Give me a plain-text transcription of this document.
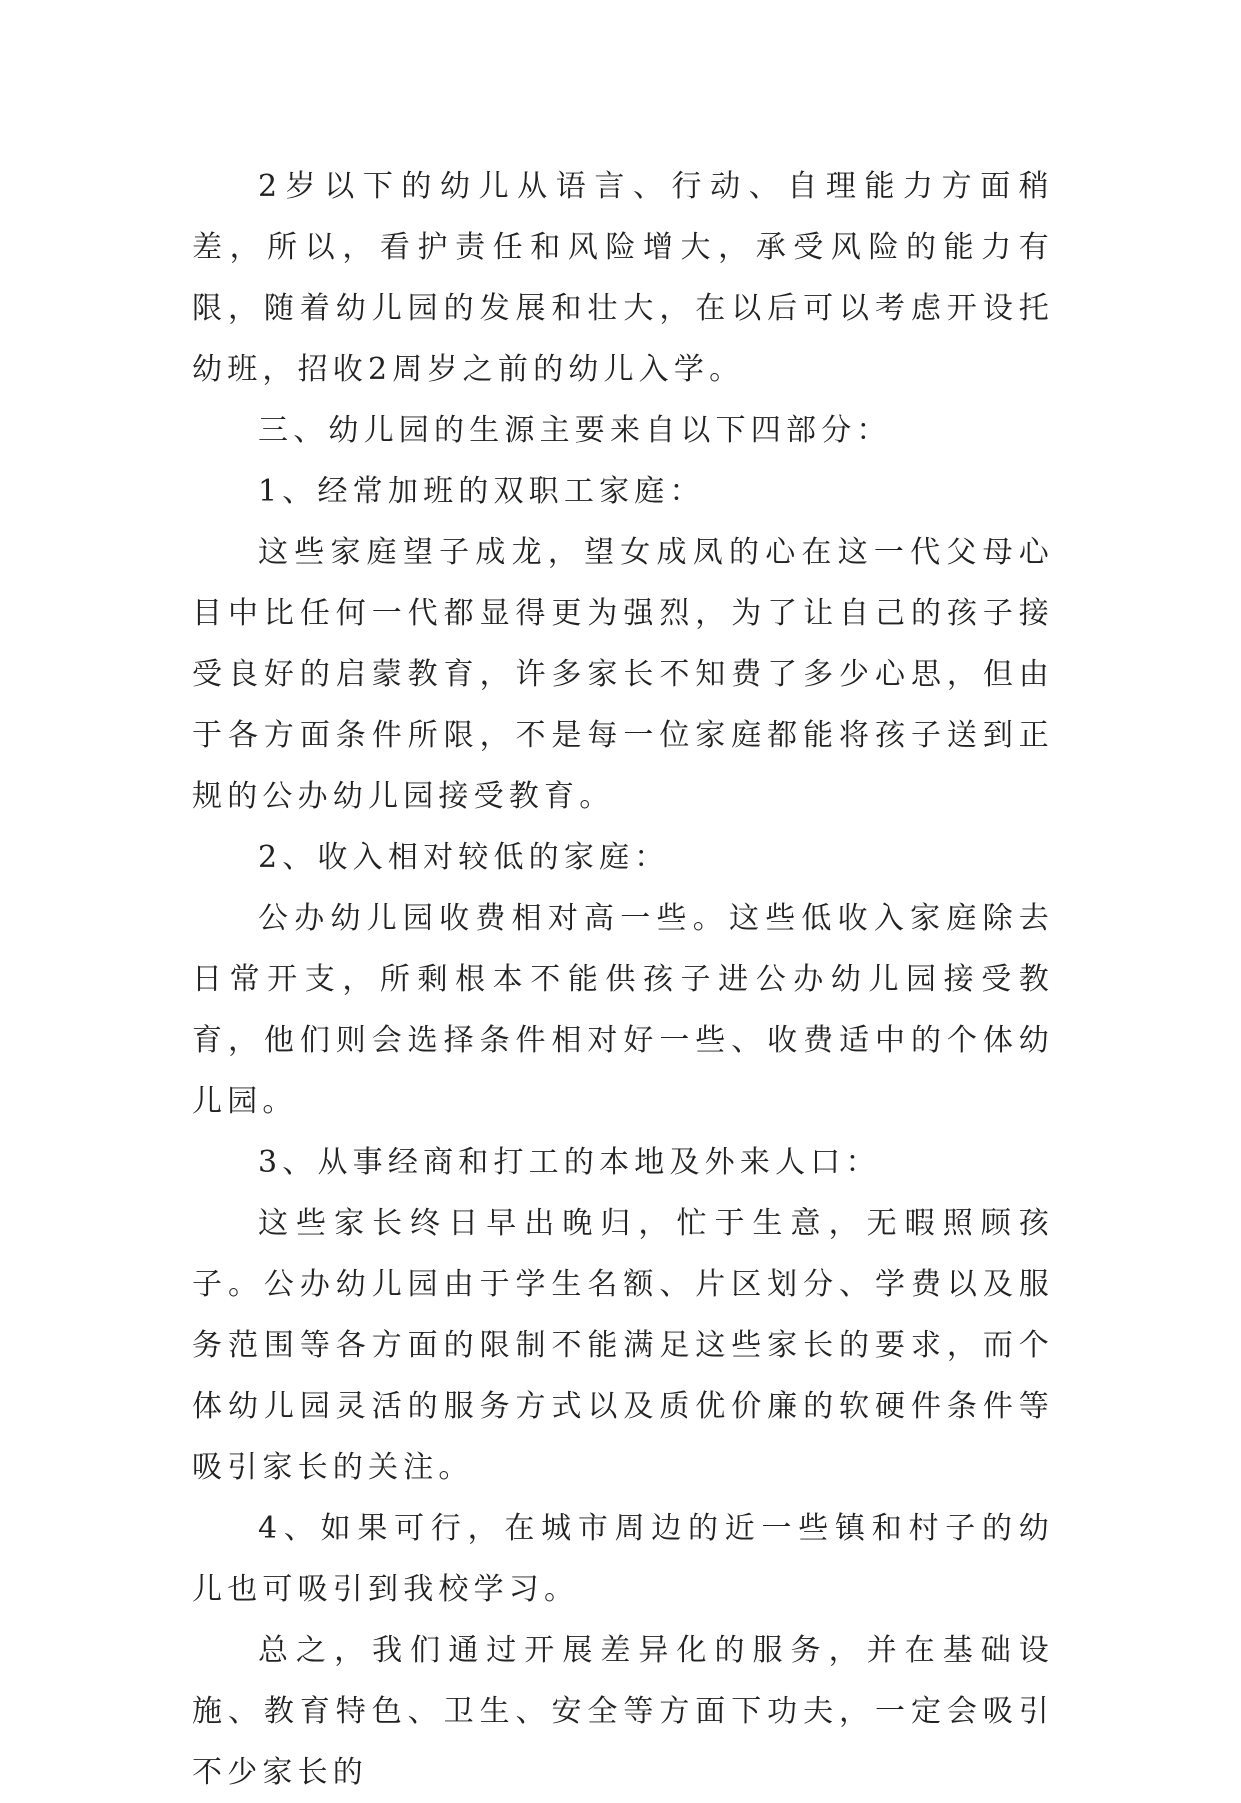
2岁以下的幼儿从语言、行动、自理能力方面稍差，所以，看护责任和风险增大，承受风险的能力有限，随着幼儿园的发展和壮大，在以后可以考虑开设托幼班，招收2周岁之前的幼儿入学。

三、幼儿园的生源主要来自以下四部分：

1、经常加班的双职工家庭：

这些家庭望子成龙，望女成凤的心在这一代父母心目中比任何一代都显得更为强烈，为了让自己的孩子接受良好的启蒙教育，许多家长不知费了多少心思，但由于各方面条件所限，不是每一位家庭都能将孩子送到正规的公办幼儿园接受教育。

2、收入相对较低的家庭：

公办幼儿园收费相对高一些。这些低收入家庭除去日常开支，所剩根本不能供孩子进公办幼儿园接受教育，他们则会选择条件相对好一些、收费适中的个体幼儿园。

3、从事经商和打工的本地及外来人口：

这些家长终日早出晚归，忙于生意，无暇照顾孩子。公办幼儿园由于学生名额、片区划分、学费以及服务范围等各方面的限制不能满足这些家长的要求，而个体幼儿园灵活的服务方式以及质优价廉的软硬件条件等吸引家长的关注。

4、如果可行，在城市周边的近一些镇和村子的幼儿也可吸引到我校学习。

总之，我们通过开展差异化的服务，并在基础设施、教育特色、卫生、安全等方面下功夫，一定会吸引不少家长的
